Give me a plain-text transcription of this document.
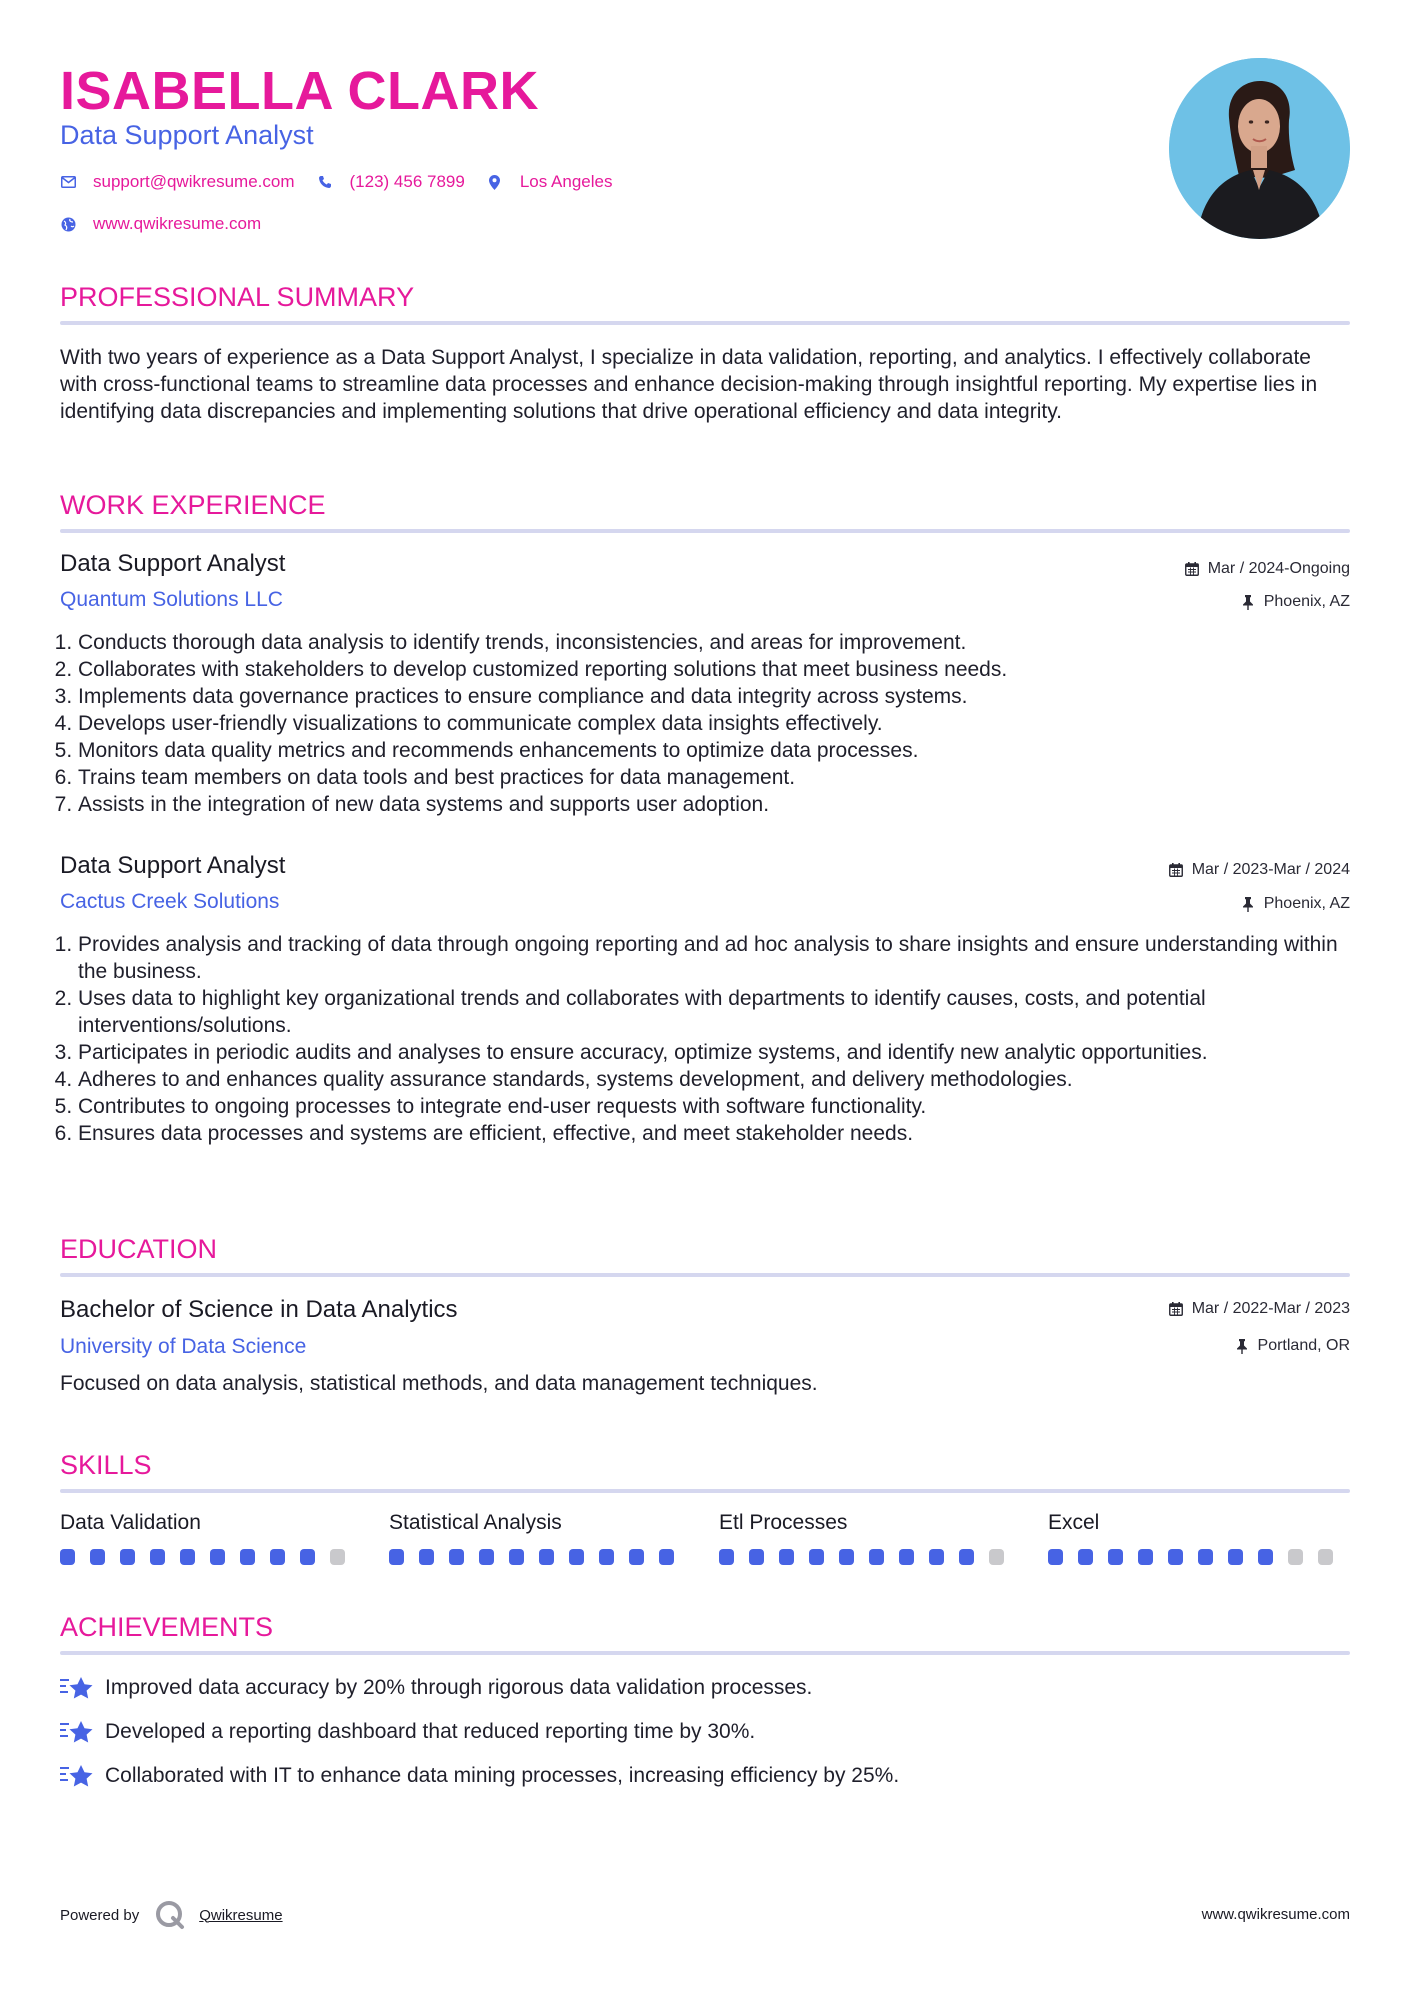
ISABELLA CLARK
Data Support Analyst
support@qwikresume.com	(123) 456 7899	Los Angeles
www.qwikresume.com
PROFESSIONAL SUMMARY
With two years of experience as a Data Support Analyst, I specialize in data validation, reporting, and analytics. I effectively collaborate with cross-functional teams to streamline data processes and enhance decision-making through insightful reporting. My expertise lies in identifying data discrepancies and implementing solutions that drive operational efficiency and data integrity.
WORK EXPERIENCE
Data Support Analyst	Mar / 2024-Ongoing
Quantum Solutions LLC	Phoenix, AZ
1. Conducts thorough data analysis to identify trends, inconsistencies, and areas for improvement.
2. Collaborates with stakeholders to develop customized reporting solutions that meet business needs.
3. Implements data governance practices to ensure compliance and data integrity across systems.
4. Develops user-friendly visualizations to communicate complex data insights effectively.
5. Monitors data quality metrics and recommends enhancements to optimize data processes.
6. Trains team members on data tools and best practices for data management.
7. Assists in the integration of new data systems and supports user adoption.
Data Support Analyst	Mar / 2023-Mar / 2024
Cactus Creek Solutions	Phoenix, AZ
1. Provides analysis and tracking of data through ongoing reporting and ad hoc analysis to share insights and ensure understanding within the business.
2. Uses data to highlight key organizational trends and collaborates with departments to identify causes, costs, and potential interventions/solutions.
3. Participates in periodic audits and analyses to ensure accuracy, optimize systems, and identify new analytic opportunities.
4. Adheres to and enhances quality assurance standards, systems development, and delivery methodologies.
5. Contributes to ongoing processes to integrate end-user requests with software functionality.
6. Ensures data processes and systems are efficient, effective, and meet stakeholder needs.
EDUCATION
Bachelor of Science in Data Analytics	Mar / 2022-Mar / 2023
University of Data Science	Portland, OR
Focused on data analysis, statistical methods, and data management techniques.
SKILLS
Data Validation	Statistical Analysis	Etl Processes	Excel
ACHIEVEMENTS
Improved data accuracy by 20% through rigorous data validation processes.
Developed a reporting dashboard that reduced reporting time by 30%.
Collaborated with IT to enhance data mining processes, increasing efficiency by 25%.
Powered by	Qwikresume	www.qwikresume.com
